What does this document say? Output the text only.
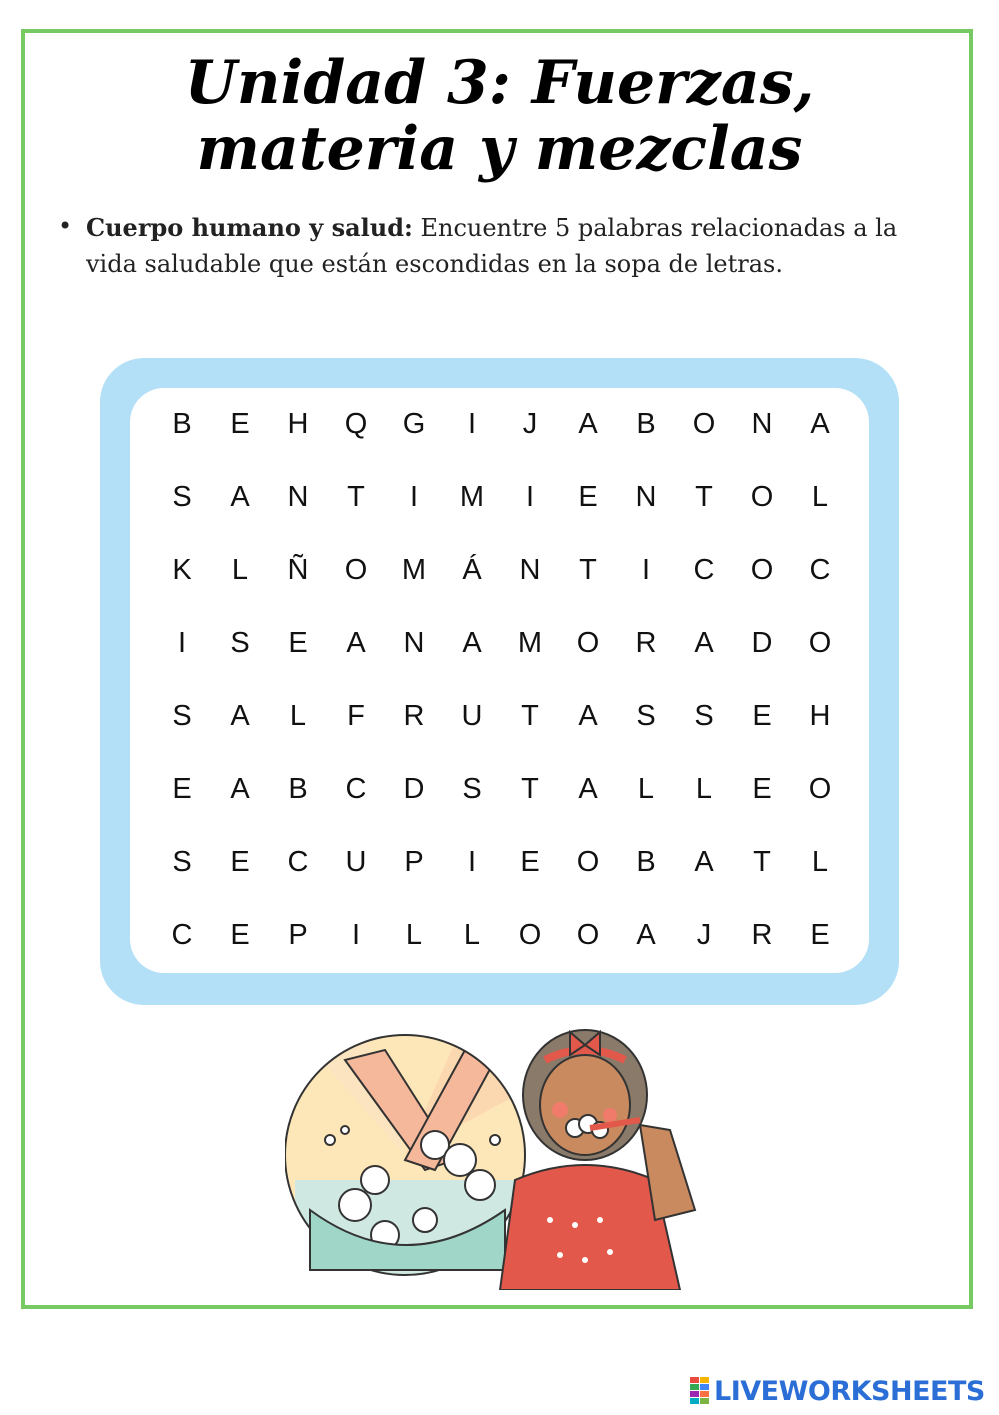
Unidad 3: Fuerzas,
materia y mezclas
• Cuerpo humano y salud: Encuentre 5 palabras relacionadas a la vida saludable que están escondidas en la sopa de letras.
B	E	H	Q	G	I	J	A	B	O	N	A
S	A	N	T	I	M	I	E	N	T	O	L
K	L	Ñ	O	M	Á	N	T	I	C	O	C
I	S	E	A	N	A	M	O	R	A	D	O
S	A	L	F	R	U	T	A	S	S	E	H
E	A	B	C	D	S	T	A	L	L	E	O
S	E	C	U	P	I	E	O	B	A	T	L
C	E	P	I	L	L	O	O	A	J	R	E
LIVEWORKSHEETS
